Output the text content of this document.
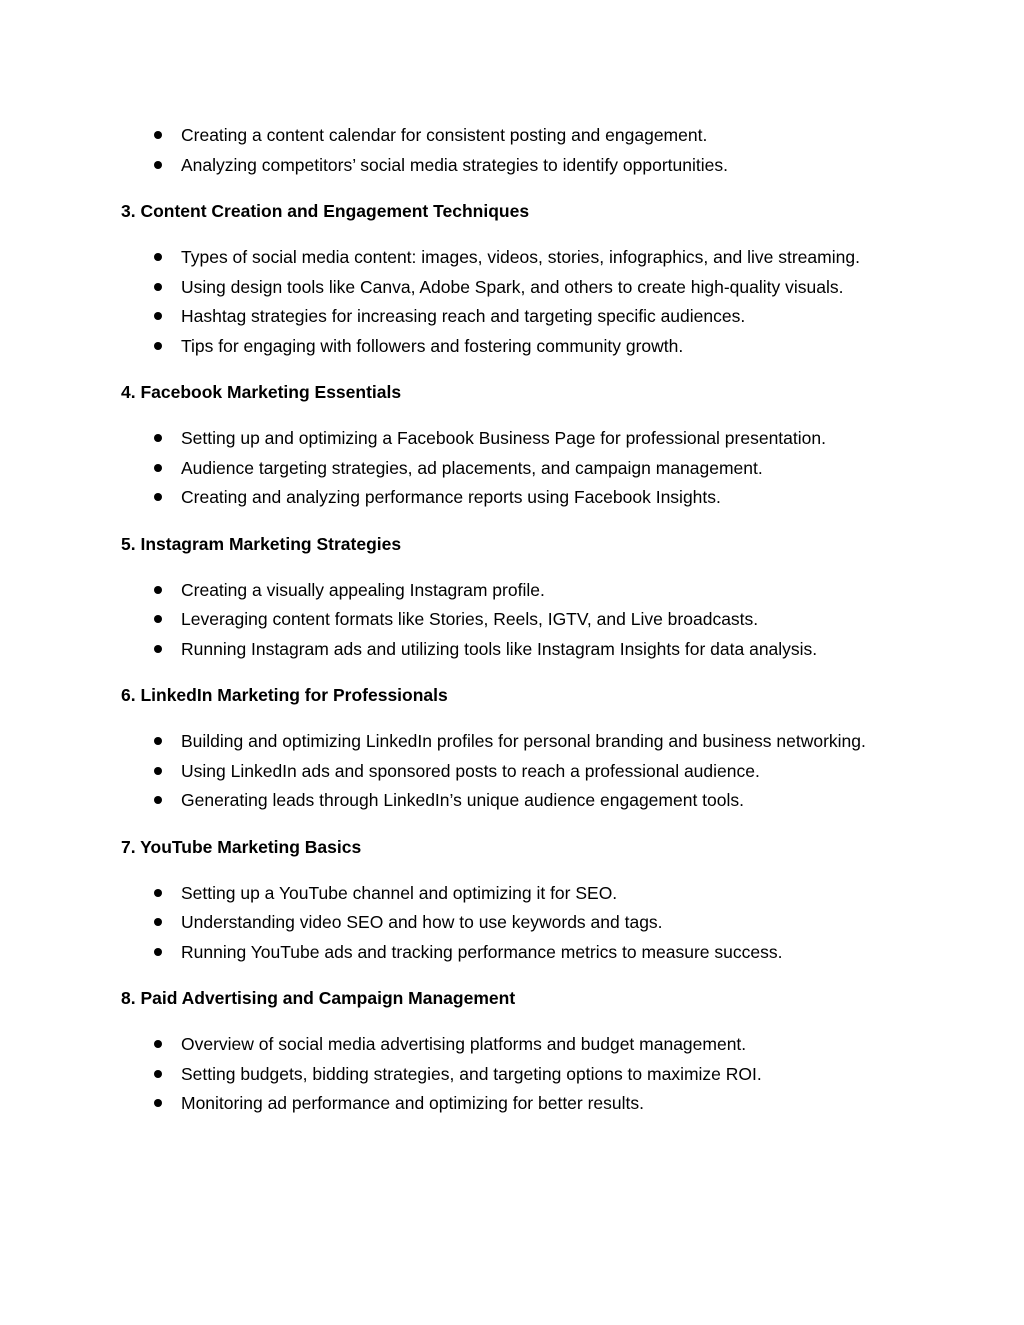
Creating a content calendar for consistent posting and engagement.
Analyzing competitors’ social media strategies to identify opportunities.
3. Content Creation and Engagement Techniques
Types of social media content: images, videos, stories, infographics, and live streaming.
Using design tools like Canva, Adobe Spark, and others to create high-quality visuals.
Hashtag strategies for increasing reach and targeting specific audiences.
Tips for engaging with followers and fostering community growth.
4. Facebook Marketing Essentials
Setting up and optimizing a Facebook Business Page for professional presentation.
Audience targeting strategies, ad placements, and campaign management.
Creating and analyzing performance reports using Facebook Insights.
5. Instagram Marketing Strategies
Creating a visually appealing Instagram profile.
Leveraging content formats like Stories, Reels, IGTV, and Live broadcasts.
Running Instagram ads and utilizing tools like Instagram Insights for data analysis.
6. LinkedIn Marketing for Professionals
Building and optimizing LinkedIn profiles for personal branding and business networking.
Using LinkedIn ads and sponsored posts to reach a professional audience.
Generating leads through LinkedIn’s unique audience engagement tools.
7. YouTube Marketing Basics
Setting up a YouTube channel and optimizing it for SEO.
Understanding video SEO and how to use keywords and tags.
Running YouTube ads and tracking performance metrics to measure success.
8. Paid Advertising and Campaign Management
Overview of social media advertising platforms and budget management.
Setting budgets, bidding strategies, and targeting options to maximize ROI.
Monitoring ad performance and optimizing for better results.
